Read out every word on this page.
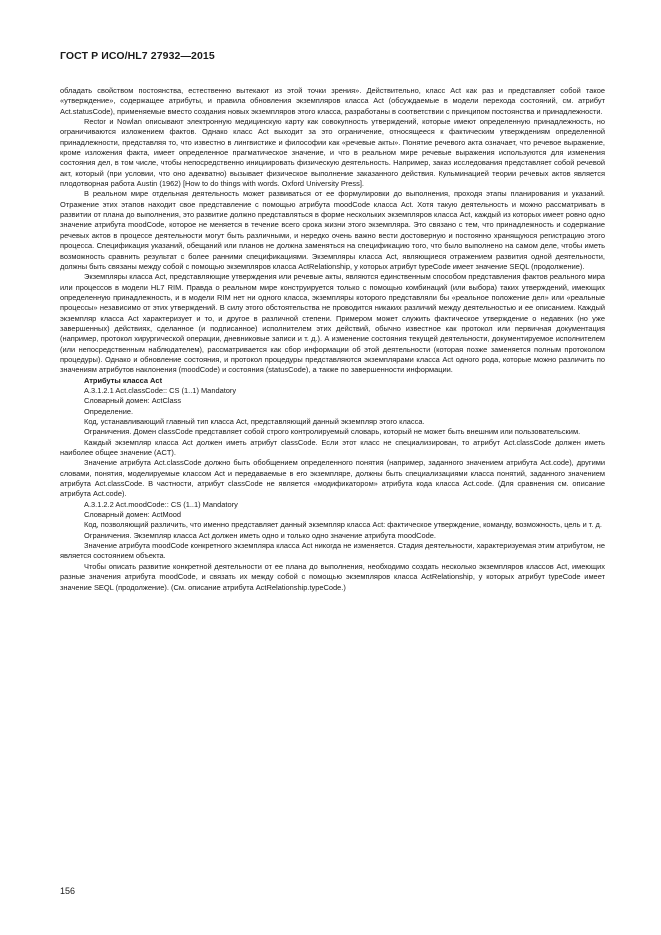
ГОСТ Р ИСО/HL7 27932—2015

обладать свойством постоянства, естественно вытекают из этой точки зрения». Действительно, класс Act как раз и представляет собой такое «утверждение», содержащее атрибуты, и правила обновления экземпляров класса Act (обсуждаемые в модели перехода состояний, см. атрибут Act.statusCode), применяемые вместо создания новых экземпляров этого класса, разработаны в соответствии с принципом постоянства и принадлежности.

Rector и Nowlan описывают электронную медицинскую карту как совокупность утверждений, которые имеют определенную принадлежность, но ограничиваются изложением фактов. Однако класс Act выходит за это ограничение, относящееся к фактическим утверждениям определенной принадлежности, представляя то, что известно в лингвистике и философии как «речевые акты». Понятие речевого акта означает, что речевое выражение, кроме изложения факта, имеет определенное прагматическое значение, и что в реальном мире речевые выражения используются для изменения состояния дел, в том числе, чтобы непосредственно инициировать физическую деятельность. Например, заказ исследования представляет собой речевой акт, который (при условии, что оно адекватно) вызывает физическое выполнение заказанного действия. Кульминацией теории речевых актов является плодотворная работа Austin (1962) [How to do things with words. Oxford University Press].

В реальном мире отдельная деятельность может развиваться от ее формулировки до выполнения, проходя этапы планирования и указаний. Отражение этих этапов находит свое представление с помощью атрибута moodCode класса Act. Хотя такую деятельность и можно рассматривать в развитии от плана до выполнения, это развитие должно представляться в форме нескольких экземпляров класса Act, каждый из которых имеет ровно одно значение атрибута moodCode, которое не меняется в течение всего срока жизни этого экземпляра. Это связано с тем, что принадлежность и содержание речевых актов в процессе деятельности могут быть различными, и нередко очень важно вести достоверную и постоянно хранящуюся регистрацию этого процесса. Спецификация указаний, обещаний или планов не должна заменяться на спецификацию того, что было выполнено на самом деле, чтобы иметь возможность сравнить результат с более ранними спецификациями. Экземпляры класса Act, являющиеся отражением развития одной деятельности, должны быть связаны между собой с помощью экземпляров класса ActRelationship, у которых атрибут typeCode имеет значение SEQL (продолжение).

Экземпляры класса Act, представляющие утверждения или речевые акты, являются единственным способом представления фактов реального мира или процессов в модели HL7 RIM. Правда о реальном мире конструируется только с помощью комбинаций (или выбора) таких утверждений, имеющих определенную принадлежность, и в модели RIM нет ни одного класса, экземпляры которого представляли бы «реальное положение дел» или «реальные процессы» независимо от этих утверждений. В силу этого обстоятельства не проводится никаких различий между деятельностью и ее описанием. Каждый экземпляр класса Act характеризует и то, и другое в различной степени. Примером может служить фактическое утверждение о недавних (но уже завершенных) действиях, сделанное (и подписанное) исполнителем этих действий, обычно известное как протокол или первичная документация (например, протокол хирургической операции, дневниковые записи и т. д.). А изменение состояния текущей деятельности, документируемое исполнителем (или непосредственным наблюдателем), рассматривается как сбор информации об этой деятельности (которая позже заменяется полным протоколом процедуры). Однако и обновление состояния, и протокол процедуры представляются экземплярами класса Act одного рода, которые можно различить по значениям атрибутов наклонения (moodCode) и состояния (statusCode), а также по завершенности информации.

Атрибуты класса Act

A.3.1.2.1 Act.classCode:: CS (1..1) Mandatory

Словарный домен: ActClass

Определение.

Код, устанавливающий главный тип класса Act, представляющий данный экземпляр этого класса.

Ограничения. Домен classCode представляет собой строго контролируемый словарь, который не может быть внешним или пользовательским.

Каждый экземпляр класса Act должен иметь атрибут classCode. Если этот класс не специализирован, то атрибут Act.classCode должен иметь наиболее общее значение (ACT).

Значение атрибута Act.classCode должно быть обобщением определенного понятия (например, заданного значением атрибута Act.code), другими словами, понятия, моделируемые классом Act и передаваемые в его экземпляре, должны быть специализациями класса понятий, заданного значением атрибута Act.classCode. В частности, атрибут classCode не является «модификатором» атрибута кода класса Act.code. (Для сравнения см. описание атрибута Act.code).

A.3.1.2.2 Act.moodCode:: CS (1..1) Mandatory

Словарный домен: ActMood

Код, позволяющий различить, что именно представляет данный экземпляр класса Act: фактическое утверждение, команду, возможность, цель и т. д.

Ограничения. Экземпляр класса Act должен иметь одно и только одно значение атрибута moodCode.

Значение атрибута moodCode конкретного экземпляра класса Act никогда не изменяется. Стадия деятельности, характеризуемая этим атрибутом, не является состоянием объекта.

Чтобы описать развитие конкретной деятельности от ее плана до выполнения, необходимо создать несколько экземпляров классов Act, имеющих разные значения атрибута moodCode, и связать их между собой с помощью экземпляров класса ActRelationship, у которых атрибут typeCode имеет значение SEQL (продолжение). (См. описание атрибута ActRelationship.typeCode.)

156
